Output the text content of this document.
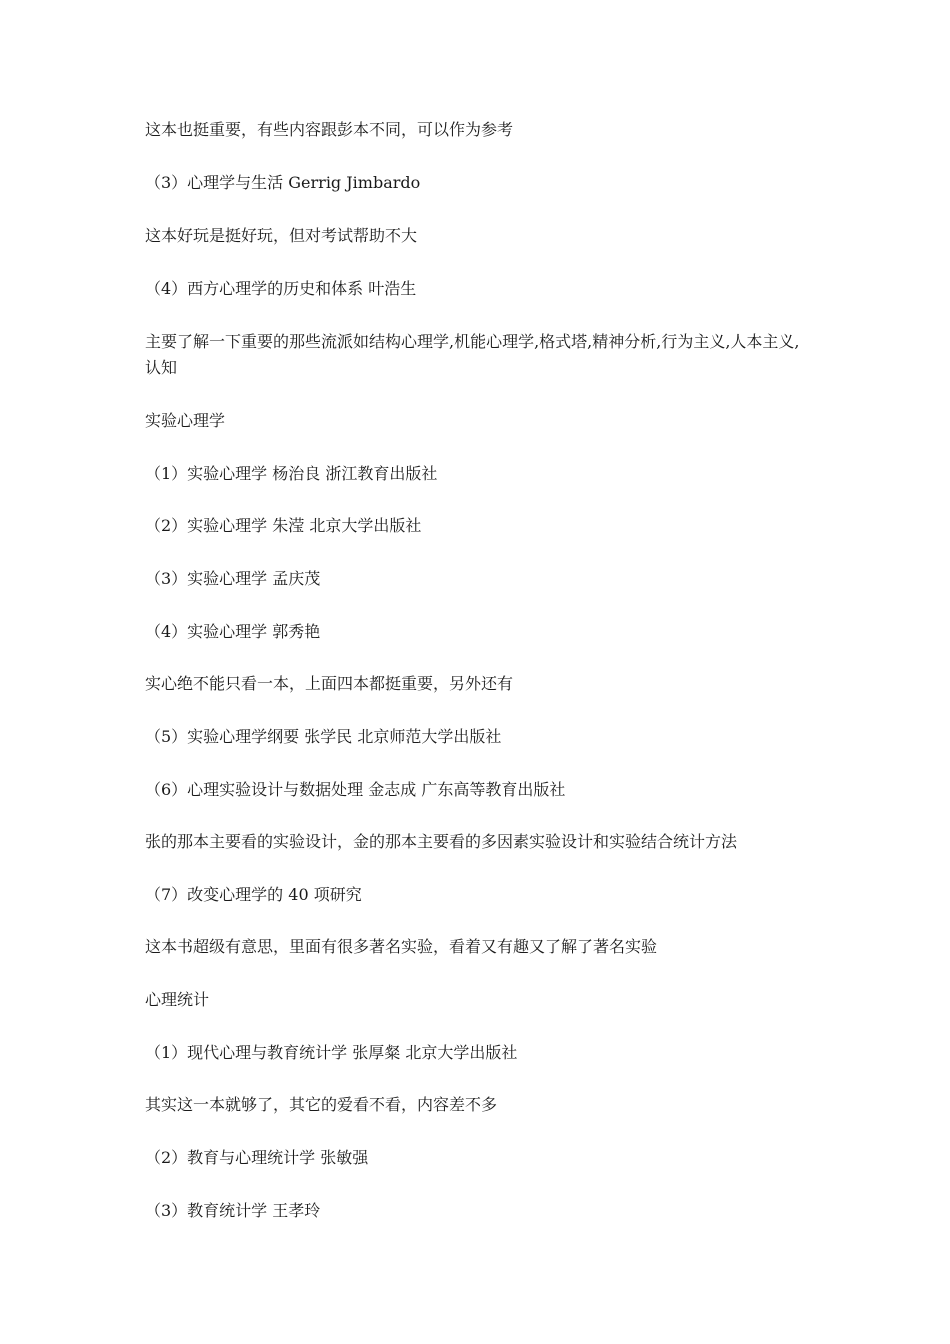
这本也挺重要，有些内容跟彭本不同，可以作为参考
（3）心理学与生活 Gerrig Jimbardo
这本好玩是挺好玩，但对考试帮助不大
（4）西方心理学的历史和体系 叶浩生
主要了解一下重要的那些流派如结构心理学,机能心理学,格式塔,精神分析,行为主义,人本主义,认知
实验心理学
（1）实验心理学 杨治良 浙江教育出版社
（2）实验心理学 朱滢 北京大学出版社
（3）实验心理学 孟庆茂
（4）实验心理学 郭秀艳
实心绝不能只看一本，上面四本都挺重要，另外还有
（5）实验心理学纲要 张学民 北京师范大学出版社
（6）心理实验设计与数据处理 金志成 广东高等教育出版社
张的那本主要看的实验设计，金的那本主要看的多因素实验设计和实验结合统计方法
（7）改变心理学的 40 项研究
这本书超级有意思，里面有很多著名实验，看着又有趣又了解了著名实验
心理统计
（1）现代心理与教育统计学 张厚粲 北京大学出版社
其实这一本就够了，其它的爱看不看，内容差不多
（2）教育与心理统计学 张敏强
（3）教育统计学 王孝玲
